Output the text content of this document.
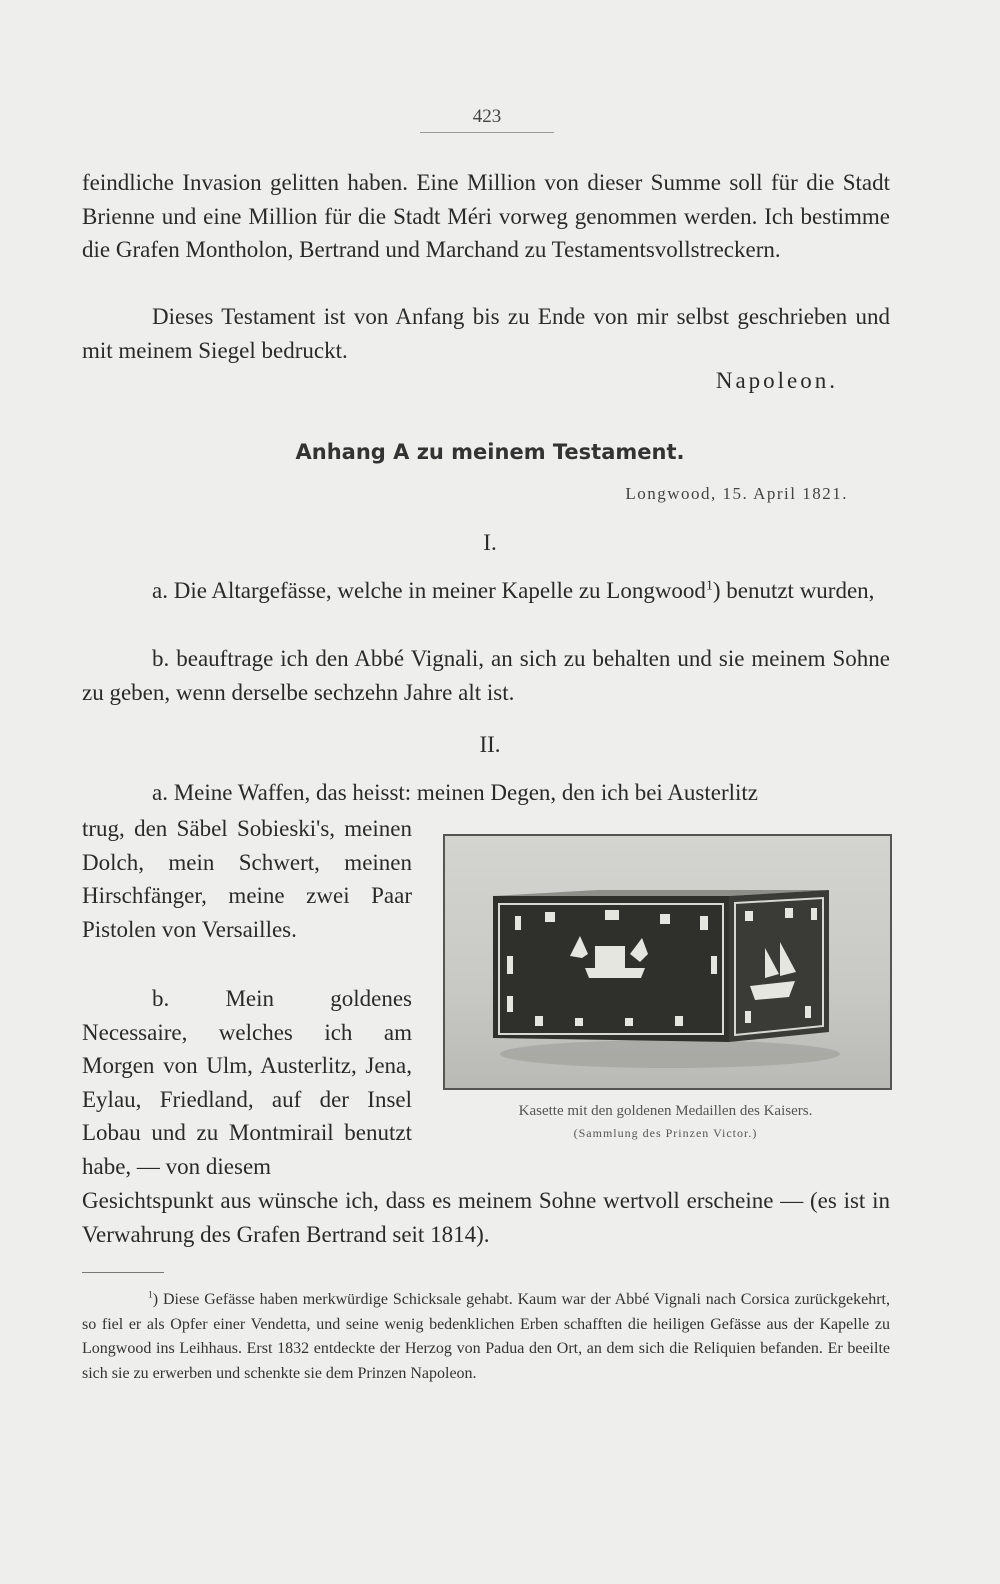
423

feindliche Invasion gelitten haben. Eine Million von dieser Summe soll für die Stadt Brienne und eine Million für die Stadt Méri vorweg genommen werden. Ich bestimme die Grafen Montholon, Bertrand und Marchand zu Testamentsvollstreckern.

Dieses Testament ist von Anfang bis zu Ende von mir selbst geschrieben und mit meinem Siegel bedruckt.

Napoleon.
Anhang A zu meinem Testament.
Longwood, 15. April 1821.
I.

a. Die Altargefässe, welche in meiner Kapelle zu Longwood$^1$) benutzt wurden,

b. beauftrage ich den Abbé Vignali, an sich zu behalten und sie meinem Sohne zu geben, wenn derselbe sechzehn Jahre alt ist.

II.

a. Meine Waffen, das heisst: meinen Degen, den ich bei Austerlitz

trug, den Säbel Sobieski's, meinen Dolch, mein Schwert, meinen Hirschfänger, meine zwei Paar Pistolen von Versailles.

b. Mein goldenes Necessaire, welches ich am Morgen von Ulm, Austerlitz, Jena, Eylau, Friedland, auf der Insel Lobau und zu Montmirail benutzt habe, — von diesem

Gesichtspunkt aus wünsche ich, dass es meinem Sohne wertvoll erscheine — (es ist in Verwahrung des Grafen Bertrand seit 1814).

Kasette mit den goldenen Medaillen des Kaisers.
(Sammlung des Prinzen Victor.)

$^1$) Diese Gefässe haben merkwürdige Schicksale gehabt. Kaum war der Abbé Vignali nach Corsica zurückgekehrt, so fiel er als Opfer einer Vendetta, und seine wenig bedenklichen Erben schafften die heiligen Gefässe aus der Kapelle zu Longwood ins Leihhaus. Erst 1832 entdeckte der Herzog von Padua den Ort, an dem sich die Reliquien befanden. Er beeilte sich sie zu erwerben und schenkte sie dem Prinzen Napoleon.
